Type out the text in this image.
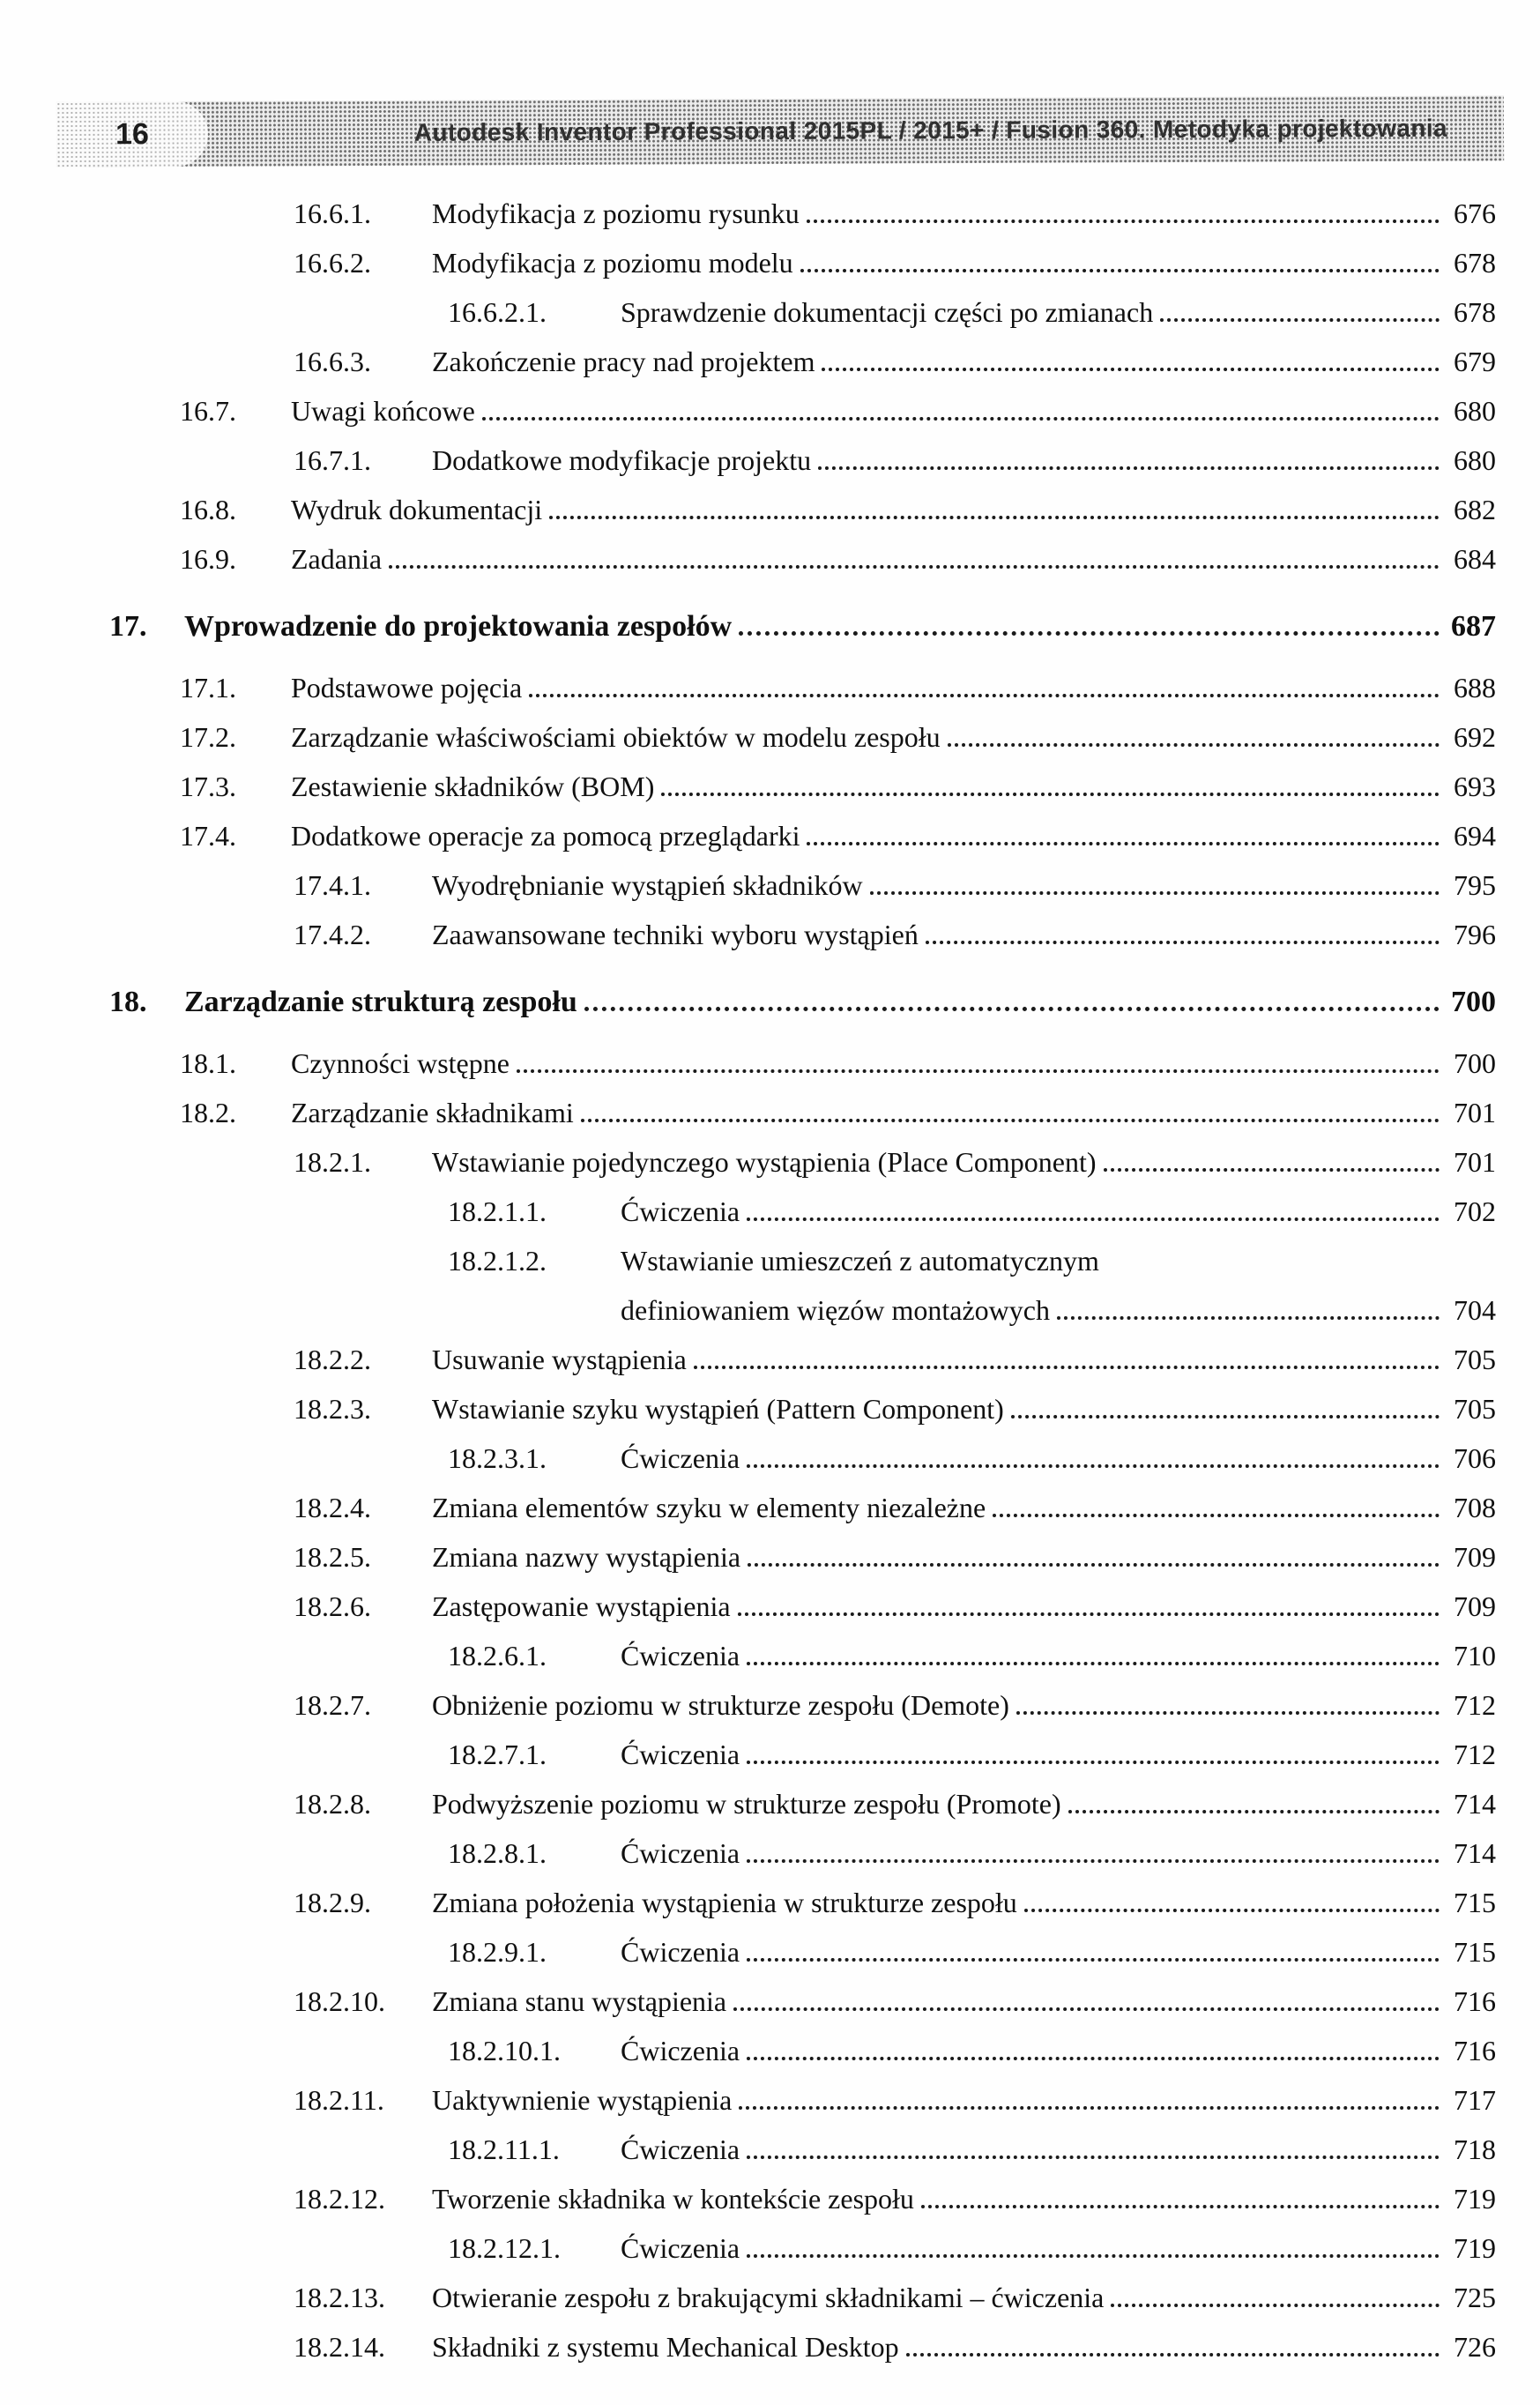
16	Autodesk Inventor Professional 2015PL / 2015+ / Fusion 360. Metodyka projektowania
16.6.1.	Modyfikacja z poziomu rysunku	676
16.6.2.	Modyfikacja z poziomu modelu	678
16.6.2.1.	Sprawdzenie dokumentacji części po zmianach	678
16.6.3.	Zakończenie pracy nad projektem	679
16.7.	Uwagi końcowe	680
16.7.1.	Dodatkowe modyfikacje projektu	680
16.8.	Wydruk dokumentacji	682
16.9.	Zadania	684
17.	Wprowadzenie do projektowania zespołów	687
17.1.	Podstawowe pojęcia	688
17.2.	Zarządzanie właściwościami obiektów w modelu zespołu	692
17.3.	Zestawienie składników (BOM)	693
17.4.	Dodatkowe operacje za pomocą przeglądarki	694
17.4.1.	Wyodrębnianie wystąpień składników	795
17.4.2.	Zaawansowane techniki wyboru wystąpień	796
18.	Zarządzanie strukturą zespołu	700
18.1.	Czynności wstępne	700
18.2.	Zarządzanie składnikami	701
18.2.1.	Wstawianie pojedynczego wystąpienia (Place Component)	701
18.2.1.1.	Ćwiczenia	702
18.2.1.2.	Wstawianie umieszczeń z automatycznym
definiowaniem więzów montażowych	704
18.2.2.	Usuwanie wystąpienia	705
18.2.3.	Wstawianie szyku wystąpień (Pattern Component)	705
18.2.3.1.	Ćwiczenia	706
18.2.4.	Zmiana elementów szyku w elementy niezależne	708
18.2.5.	Zmiana nazwy wystąpienia	709
18.2.6.	Zastępowanie wystąpienia	709
18.2.6.1.	Ćwiczenia	710
18.2.7.	Obniżenie poziomu w strukturze zespołu (Demote)	712
18.2.7.1.	Ćwiczenia	712
18.2.8.	Podwyższenie poziomu w strukturze zespołu (Promote)	714
18.2.8.1.	Ćwiczenia	714
18.2.9.	Zmiana położenia wystąpienia w strukturze zespołu	715
18.2.9.1.	Ćwiczenia	715
18.2.10.	Zmiana stanu wystąpienia	716
18.2.10.1.	Ćwiczenia	716
18.2.11.	Uaktywnienie wystąpienia	717
18.2.11.1.	Ćwiczenia	718
18.2.12.	Tworzenie składnika w kontekście zespołu	719
18.2.12.1.	Ćwiczenia	719
18.2.13.	Otwieranie zespołu z brakującymi składnikami – ćwiczenia	725
18.2.14.	Składniki z systemu Mechanical Desktop	726
